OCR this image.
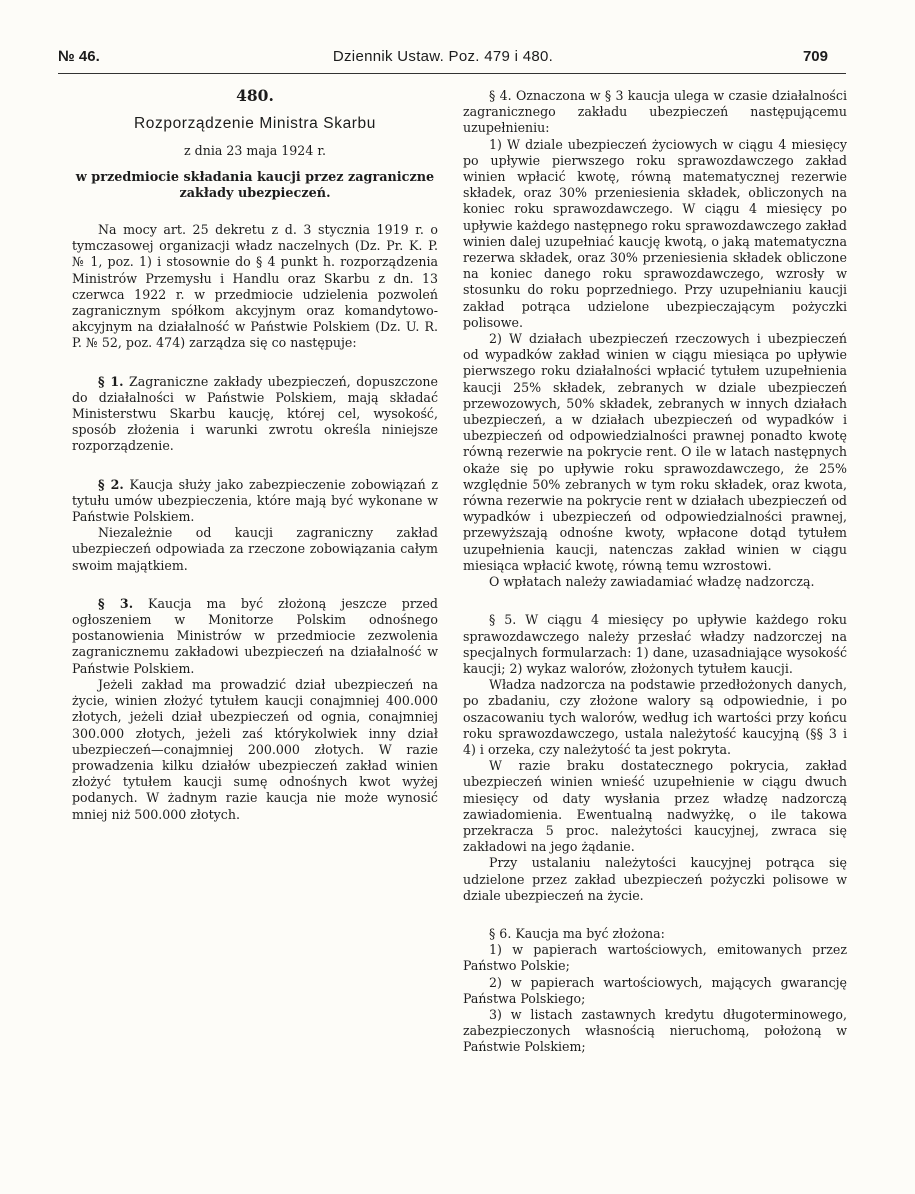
№ 46.	Dziennik Ustaw. Poz. 479 i 480.	709

480.

Rozporządzenie Ministra Skarbu

z dnia 23 maja 1924 r.

w przedmiocie składania kaucji przez zagraniczne zakłady ubezpieczeń.

Na mocy art. 25 dekretu z d. 3 stycznia 1919 r. o tymczasowej organizacji władz naczelnych (Dz. Pr. K. P. № 1, poz. 1) i stosownie do § 4 punkt h. rozporządzenia Ministrów Przemysłu i Handlu oraz Skarbu z dn. 13 czerwca 1922 r. w przedmiocie udzielenia pozwoleń zagranicznym spółkom akcyjnym oraz komandytowo-akcyjnym na działalność w Państwie Polskiem (Dz. U. R. P. № 52, poz. 474) zarządza się co następuje:

§ 1. Zagraniczne zakłady ubezpieczeń, dopuszczone do działalności w Państwie Polskiem, mają składać Ministerstwu Skarbu kaucję, której cel, wysokość, sposób złożenia i warunki zwrotu określa niniejsze rozporządzenie.

§ 2. Kaucja służy jako zabezpieczenie zobowiązań z tytułu umów ubezpieczenia, które mają być wykonane w Państwie Polskiem.

Niezależnie od kaucji zagraniczny zakład ubezpieczeń odpowiada za rzeczone zobowiązania całym swoim majątkiem.

§ 3. Kaucja ma być złożoną jeszcze przed ogłoszeniem w Monitorze Polskim odnośnego postanowienia Ministrów w przedmiocie zezwolenia zagranicznemu zakładowi ubezpieczeń na działalność w Państwie Polskiem.

Jeżeli zakład ma prowadzić dział ubezpieczeń na życie, winien złożyć tytułem kaucji conajmniej 400.000 złotych, jeżeli dział ubezpieczeń od ognia, conajmniej 300.000 złotych, jeżeli zaś którykolwiek inny dział ubezpieczeń—conajmniej 200.000 złotych. W razie prowadzenia kilku działów ubezpieczeń zakład winien złożyć tytułem kaucji sumę odnośnych kwot wyżej podanych. W żadnym razie kaucja nie może wynosić mniej niż 500.000 złotych.

§ 4. Oznaczona w § 3 kaucja ulega w czasie działalności zagranicznego zakładu ubezpieczeń następującemu uzupełnieniu:

1) W dziale ubezpieczeń życiowych w ciągu 4 miesięcy po upływie pierwszego roku sprawozdawczego zakład winien wpłacić kwotę, równą matematycznej rezerwie składek, oraz 30% przeniesienia składek, obliczonych na koniec roku sprawozdawczego. W ciągu 4 miesięcy po upływie każdego następnego roku sprawozdawczego zakład winien dalej uzupełniać kaucję kwotą, o jaką matematyczna rezerwa składek, oraz 30% przeniesienia składek obliczone na koniec danego roku sprawozdawczego, wzrosły w stosunku do roku poprzedniego. Przy uzupełnianiu kaucji zakład potrąca udzielone ubezpieczającym pożyczki polisowe.

2) W działach ubezpieczeń rzeczowych i ubezpieczeń od wypadków zakład winien w ciągu miesiąca po upływie pierwszego roku działalności wpłacić tytułem uzupełnienia kaucji 25% składek, zebranych w dziale ubezpieczeń przewozowych, 50% składek, zebranych w innych działach ubezpieczeń, a w działach ubezpieczeń od wypadków i ubezpieczeń od odpowiedzialności prawnej ponadto kwotę równą rezerwie na pokrycie rent. O ile w latach następnych okaże się po upływie roku sprawozdawczego, że 25% względnie 50% zebranych w tym roku składek, oraz kwota, równa rezerwie na pokrycie rent w działach ubezpieczeń od wypadków i ubezpieczeń od odpowiedzialności prawnej, przewyższają odnośne kwoty, wpłacone dotąd tytułem uzupełnienia kaucji, natenczas zakład winien w ciągu miesiąca wpłacić kwotę, równą temu wzrostowi.

O wpłatach należy zawiadamiać władzę nadzorczą.

§ 5. W ciągu 4 miesięcy po upływie każdego roku sprawozdawczego należy przesłać władzy nadzorczej na specjalnych formularzach: 1) dane, uzasadniające wysokość kaucji; 2) wykaz walorów, złożonych tytułem kaucji.

Władza nadzorcza na podstawie przedłożonych danych, po zbadaniu, czy złożone walory są odpowiednie, i po oszacowaniu tych walorów, według ich wartości przy końcu roku sprawozdawczego, ustala należytość kaucyjną (§§ 3 i 4) i orzeka, czy należytość ta jest pokryta.

W razie braku dostatecznego pokrycia, zakład ubezpieczeń winien wnieść uzupełnienie w ciągu dwuch miesięcy od daty wysłania przez władzę nadzorczą zawiadomienia. Ewentualną nadwyżkę, o ile takowa przekracza 5 proc. należytości kaucyjnej, zwraca się zakładowi na jego żądanie.

Przy ustalaniu należytości kaucyjnej potrąca się udzielone przez zakład ubezpieczeń pożyczki polisowe w dziale ubezpieczeń na życie.

§ 6. Kaucja ma być złożona:

1) w papierach wartościowych, emitowanych przez Państwo Polskie;

2) w papierach wartościowych, mających gwarancję Państwa Polskiego;

3) w listach zastawnych kredytu długoterminowego, zabezpieczonych własnością nieruchomą, położoną w Państwie Polskiem;
